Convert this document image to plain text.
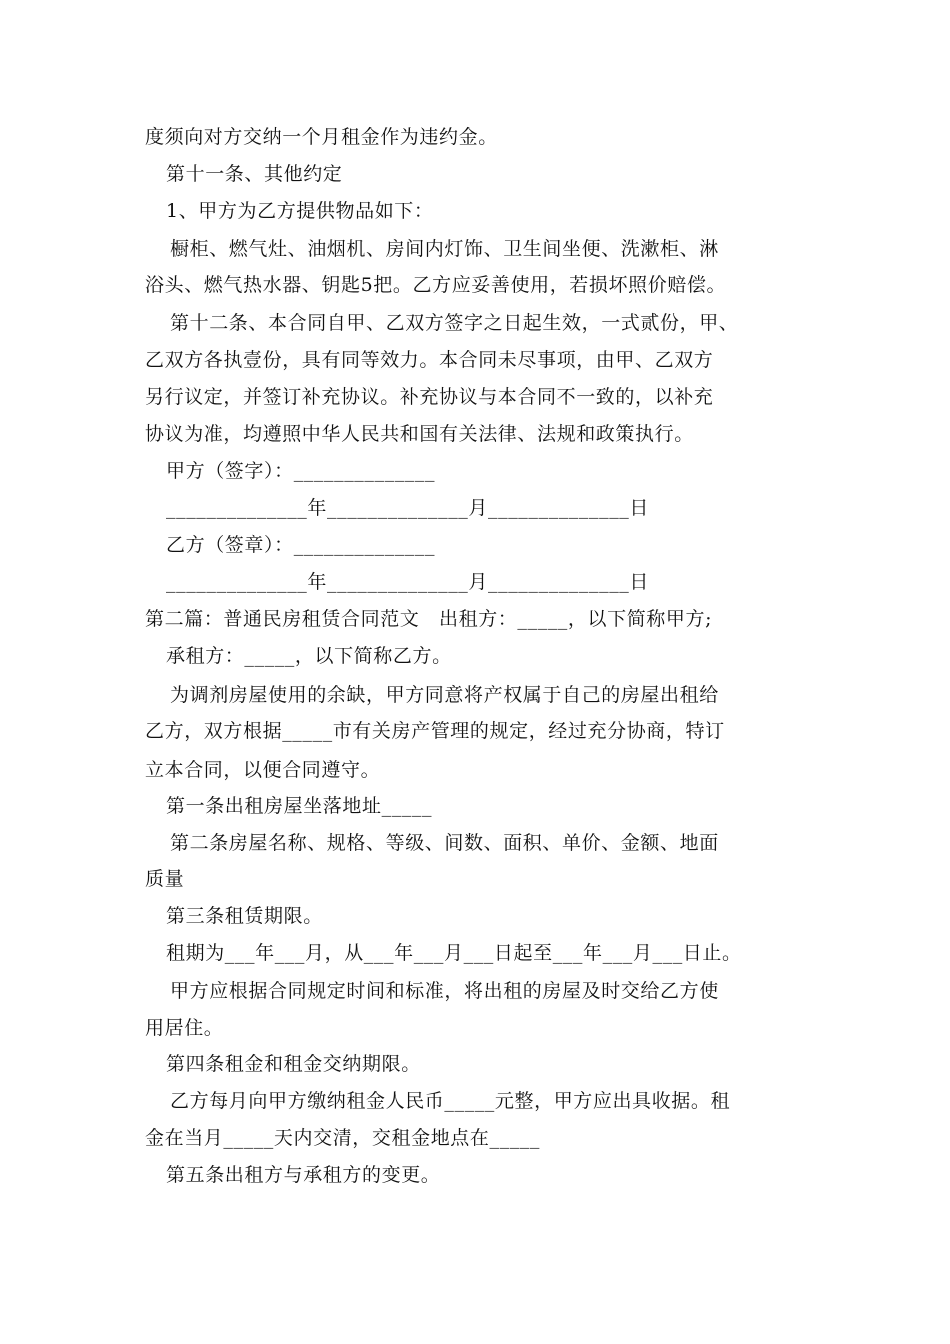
度须向对方交纳一个月租金作为违约金。
第十一条、其他约定
1、甲方为乙方提供物品如下：
橱柜、燃气灶、油烟机、房间内灯饰、卫生间坐便、洗漱柜、淋
浴头、燃气热水器、钥匙5把。乙方应妥善使用，若损坏照价赔偿。
第十二条、本合同自甲、乙双方签字之日起生效，一式贰份，甲、
乙双方各执壹份，具有同等效力。本合同未尽事项，由甲、乙双方
另行议定，并签订补充协议。补充协议与本合同不一致的，以补充
协议为准，均遵照中华人民共和国有关法律、法规和政策执行。
甲方（签字）：______________
______________年______________月______________日
乙方（签章）：______________
______________年______________月______________日
第二篇：普通民房租赁合同范文　出租方：_____，以下简称甲方;
承租方：_____，以下简称乙方。
为调剂房屋使用的余缺，甲方同意将产权属于自己的房屋出租给
乙方，双方根据_____市有关房产管理的规定，经过充分协商，特订
立本合同，以便合同遵守。
第一条出租房屋坐落地址_____
第二条房屋名称、规格、等级、间数、面积、单价、金额、地面
质量
第三条租赁期限。
租期为___年___月，从___年___月___日起至___年___月___日止。
甲方应根据合同规定时间和标准，将出租的房屋及时交给乙方使
用居住。
第四条租金和租金交纳期限。
乙方每月向甲方缴纳租金人民币_____元整，甲方应出具收据。租
金在当月_____天内交清，交租金地点在_____
第五条出租方与承租方的变更。
